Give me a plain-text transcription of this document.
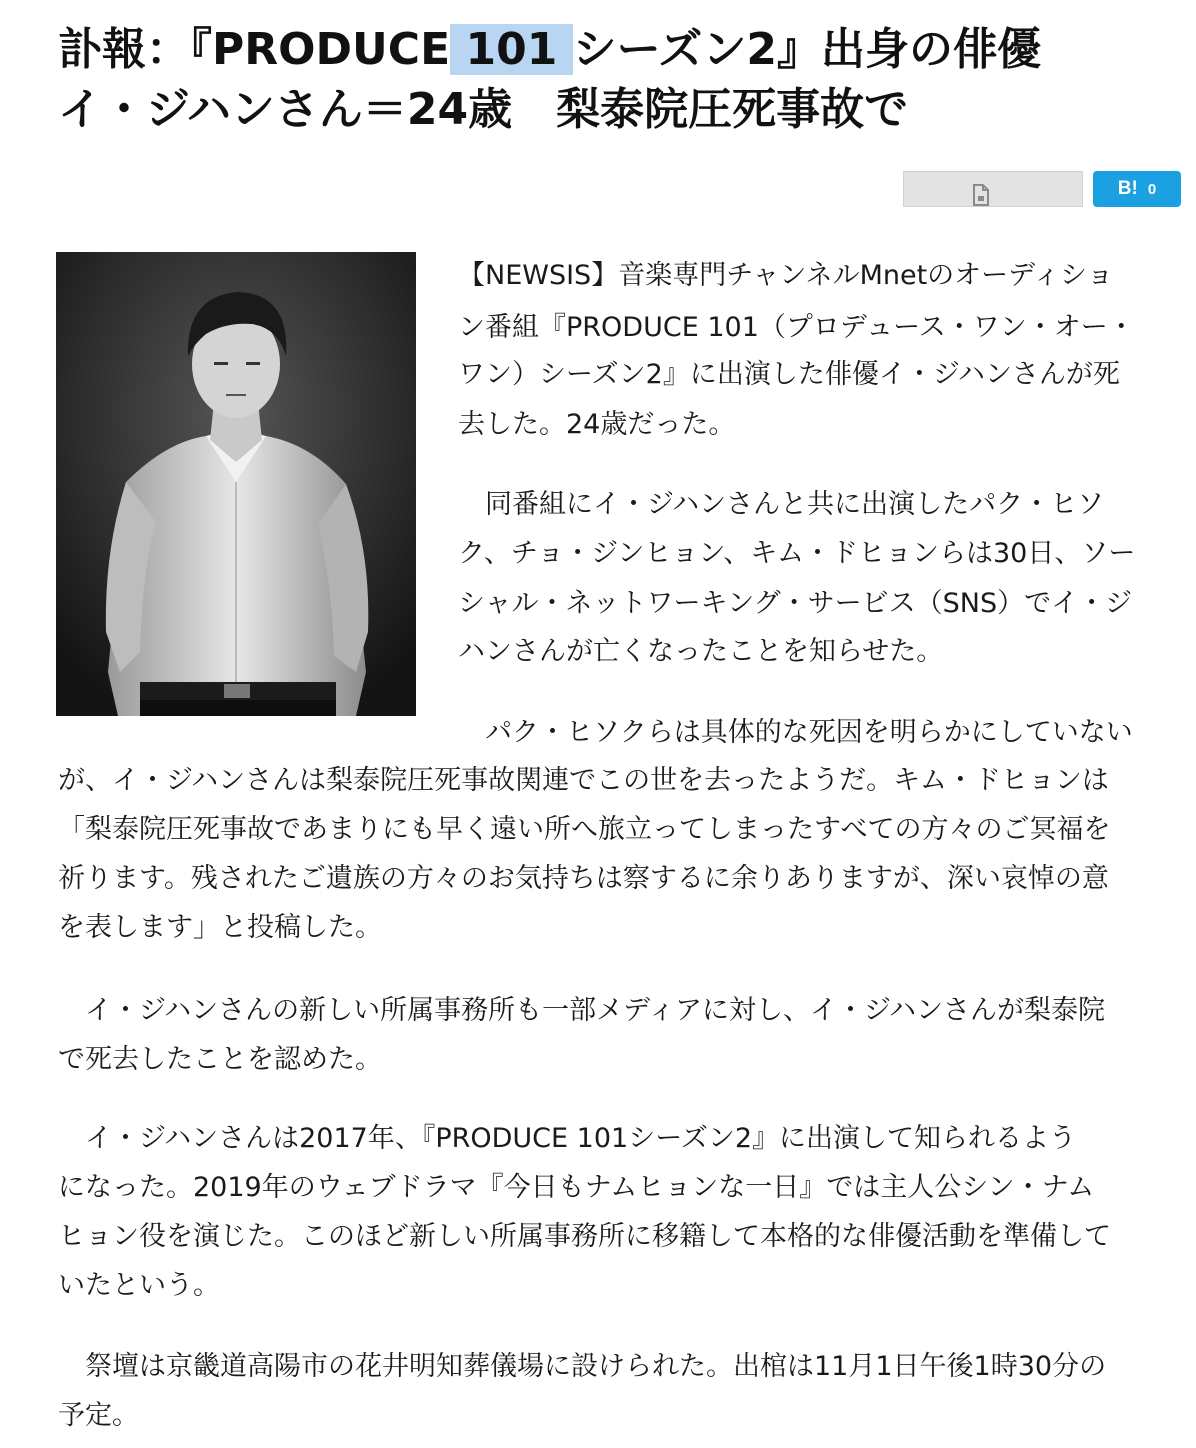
訃報：『PRODUCE 101 シーズン2』出身の俳優
イ・ジハンさん＝24歳　梨泰院圧死事故で
B! 0
【NEWSIS】音楽専門チャンネルMnetのオーディショ
ン番組『PRODUCE 101（プロデュース・ワン・オー・
ワン）シーズン2』に出演した俳優イ・ジハンさんが死
去した。24歳だった。
　同番組にイ・ジハンさんと共に出演したパク・ヒソ
ク、チョ・ジンヒョン、キム・ドヒョンらは30日、ソー
シャル・ネットワーキング・サービス（SNS）でイ・ジ
ハンさんが亡くなったことを知らせた。
　パク・ヒソクらは具体的な死因を明らかにしていない
が、イ・ジハンさんは梨泰院圧死事故関連でこの世を去ったようだ。キム・ドヒョンは
「梨泰院圧死事故であまりにも早く遠い所へ旅立ってしまったすべての方々のご冥福を
祈ります。残されたご遺族の方々のお気持ちは察するに余りありますが、深い哀悼の意
を表します」と投稿した。
　イ・ジハンさんの新しい所属事務所も一部メディアに対し、イ・ジハンさんが梨泰院
で死去したことを認めた。
　イ・ジハンさんは2017年、『PRODUCE 101シーズン2』に出演して知られるよう
になった。2019年のウェブドラマ『今日もナムヒョンな一日』では主人公シン・ナム
ヒョン役を演じた。このほど新しい所属事務所に移籍して本格的な俳優活動を準備して
いたという。
　祭壇は京畿道高陽市の花井明知葬儀場に設けられた。出棺は11月1日午後1時30分の
予定。
